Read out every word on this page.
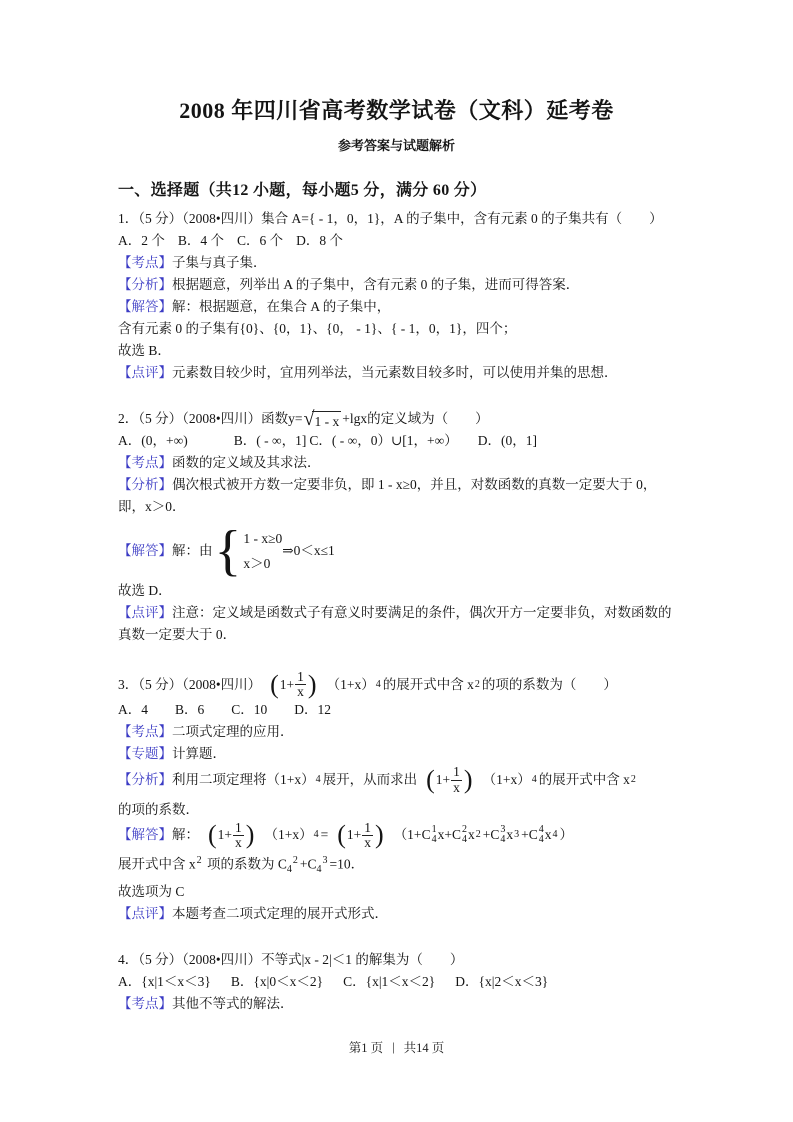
2008 年四川省高考数学试卷（文科）延考卷
参考答案与试题解析
一、选择题（共12 小题，每小题5 分，满分 60 分）
1．（5 分）（2008•四川）集合 A={ - 1，0，1}，A 的子集中，含有元素 0 的子集共有（　　）
A．2 个 B．4 个 C．6 个 D．8 个
【考点】子集与真子集．
【分析】根据题意，列举出 A 的子集中，含有元素 0 的子集，进而可得答案．
【解答】解：根据题意，在集合 A 的子集中，
含有元素 0 的子集有{0}、{0，1}、{0， - 1}、{ - 1，0，1}，四个；
故选 B．
【点评】元素数目较少时，宜用列举法，当元素数目较多时，可以使用并集的思想．
2．（5 分）（2008•四川）函数 y= √ 1 - x +lgx 的定义域为（　　）
A．(0，+∞)	B．( - ∞，1] C．( - ∞，0）∪[1，+∞） D．(0，1]
【考点】函数的定义域及其求法．
【分析】偶次根式被开方数一定要非负，即 1 - x≥0，并且，对数函数的真数一定要大于 0，即，x＞0．
【解答】 解：由 { 1 - x≥0
x＞0
⇒0＜x≤1
故选 D．
【点评】注意：定义域是函数式子有意义时要满足的条件，偶次开方一定要非负，对数函数的真数一定要大于 0．
3．（5 分）（2008•四川） ( $1+ \frac{1}{x}$ ) （1+x） 4 的展开式中含 x 2 的项的系数为（　　）
A．4 B．6 C．10 D．12
【考点】二项式定理的应用．
【专题】计算题．
【分析】 利用二项定理将（1+x） 4 展开，从而求出 ( $1+ \frac{1}{x}$ ) （1+x） 4 的展开式中含 x 2
的项的系数．
【解答】 解： ( $1+ \frac{1}{x}$ ) （1+x） 4 = ( $1+ \frac{1}{x}$ ) （1+ C 1
4 x + C 2
4 x 2 + C 3
4 x 3 + C 4
4 x 4 ）
展开式中含 $x^2$ 项的系数为 $C_4^2 +C_4^3 =10$．
故选项为 C
【点评】本题考查二项式定理的展开式形式．
4．（5 分）（2008•四川）不等式|x - 2|＜1 的解集为（　　）
A．{x|1＜x＜3} B．{x|0＜x＜2} C．{x|1＜x＜2} D．{x|2＜x＜3}
【考点】其他不等式的解法．
第1 页 | 共14 页
